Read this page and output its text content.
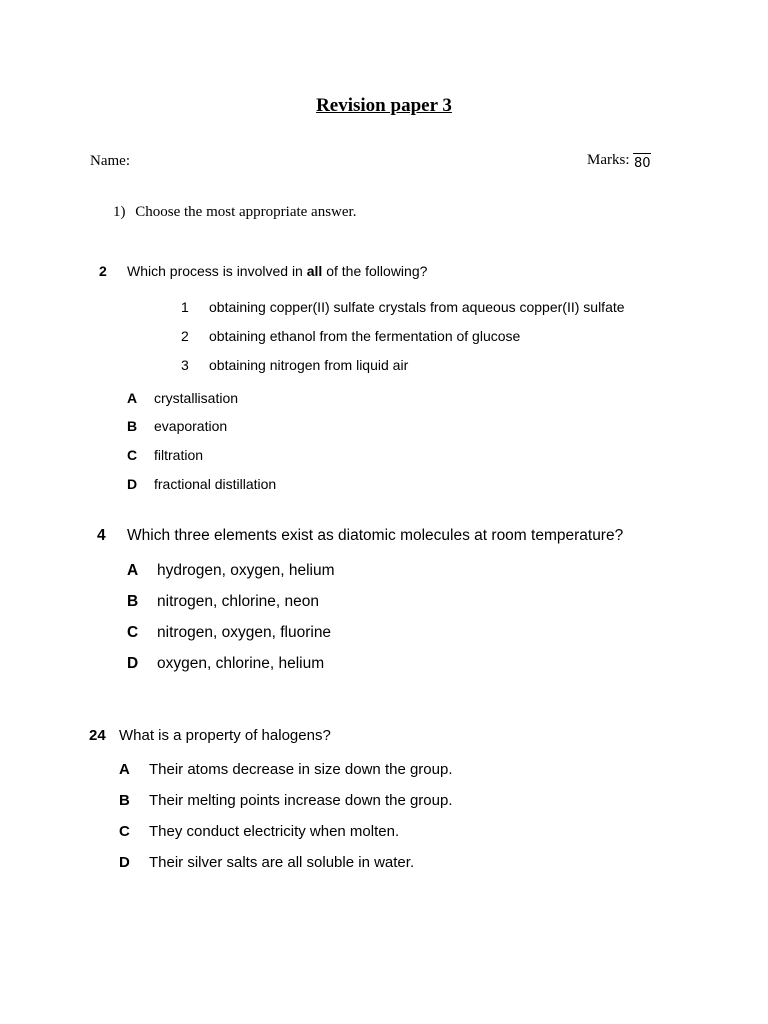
Revision paper 3
Name:	Marks: 80
1) Choose the most appropriate answer.
2 Which process is involved in all of the following?
1 obtaining copper(II) sulfate crystals from aqueous copper(II) sulfate
2 obtaining ethanol from the fermentation of glucose
3 obtaining nitrogen from liquid air
A crystallisation
B evaporation
C filtration
D fractional distillation
4 Which three elements exist as diatomic molecules at room temperature?
A hydrogen, oxygen, helium
B nitrogen, chlorine, neon
C nitrogen, oxygen, fluorine
D oxygen, chlorine, helium
24 What is a property of halogens?
A Their atoms decrease in size down the group.
B Their melting points increase down the group.
C They conduct electricity when molten.
D Their silver salts are all soluble in water.
